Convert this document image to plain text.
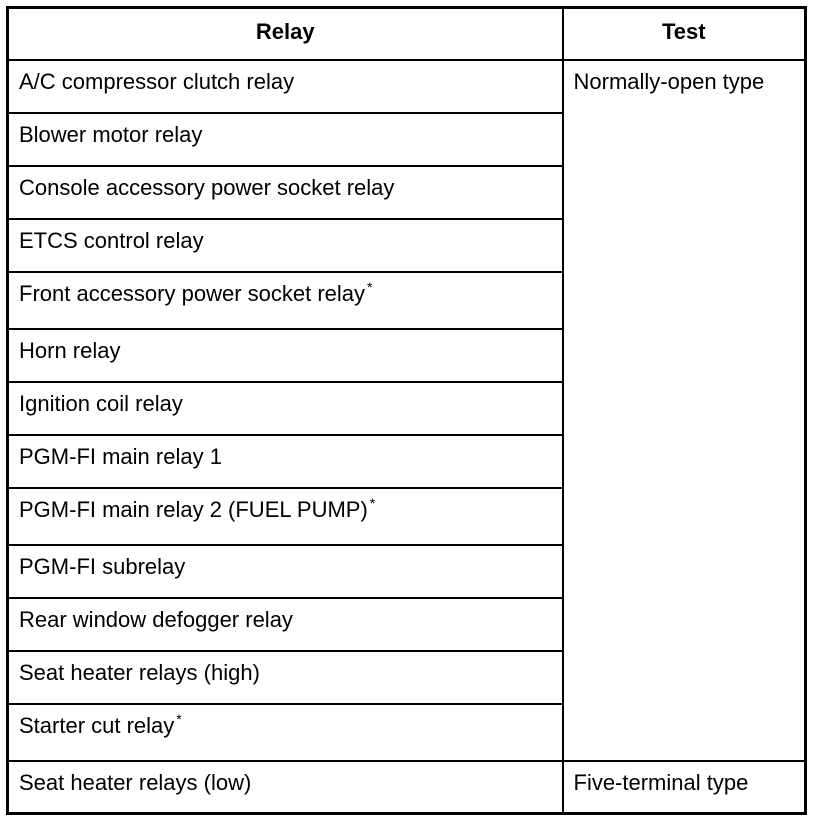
Relay	Test
A/C compressor clutch relay	Normally-open type
Blower motor relay	
Console accessory power socket relay	
ETCS control relay	
Front accessory power socket relay *
Horn relay	
Ignition coil relay	
PGM-FI main relay 1	
PGM-FI main relay 2 (FUEL PUMP) *
PGM-FI subrelay	
Rear window defogger relay	
Seat heater relays (high)	
Starter cut relay *
Seat heater relays (low)	Five-terminal type
